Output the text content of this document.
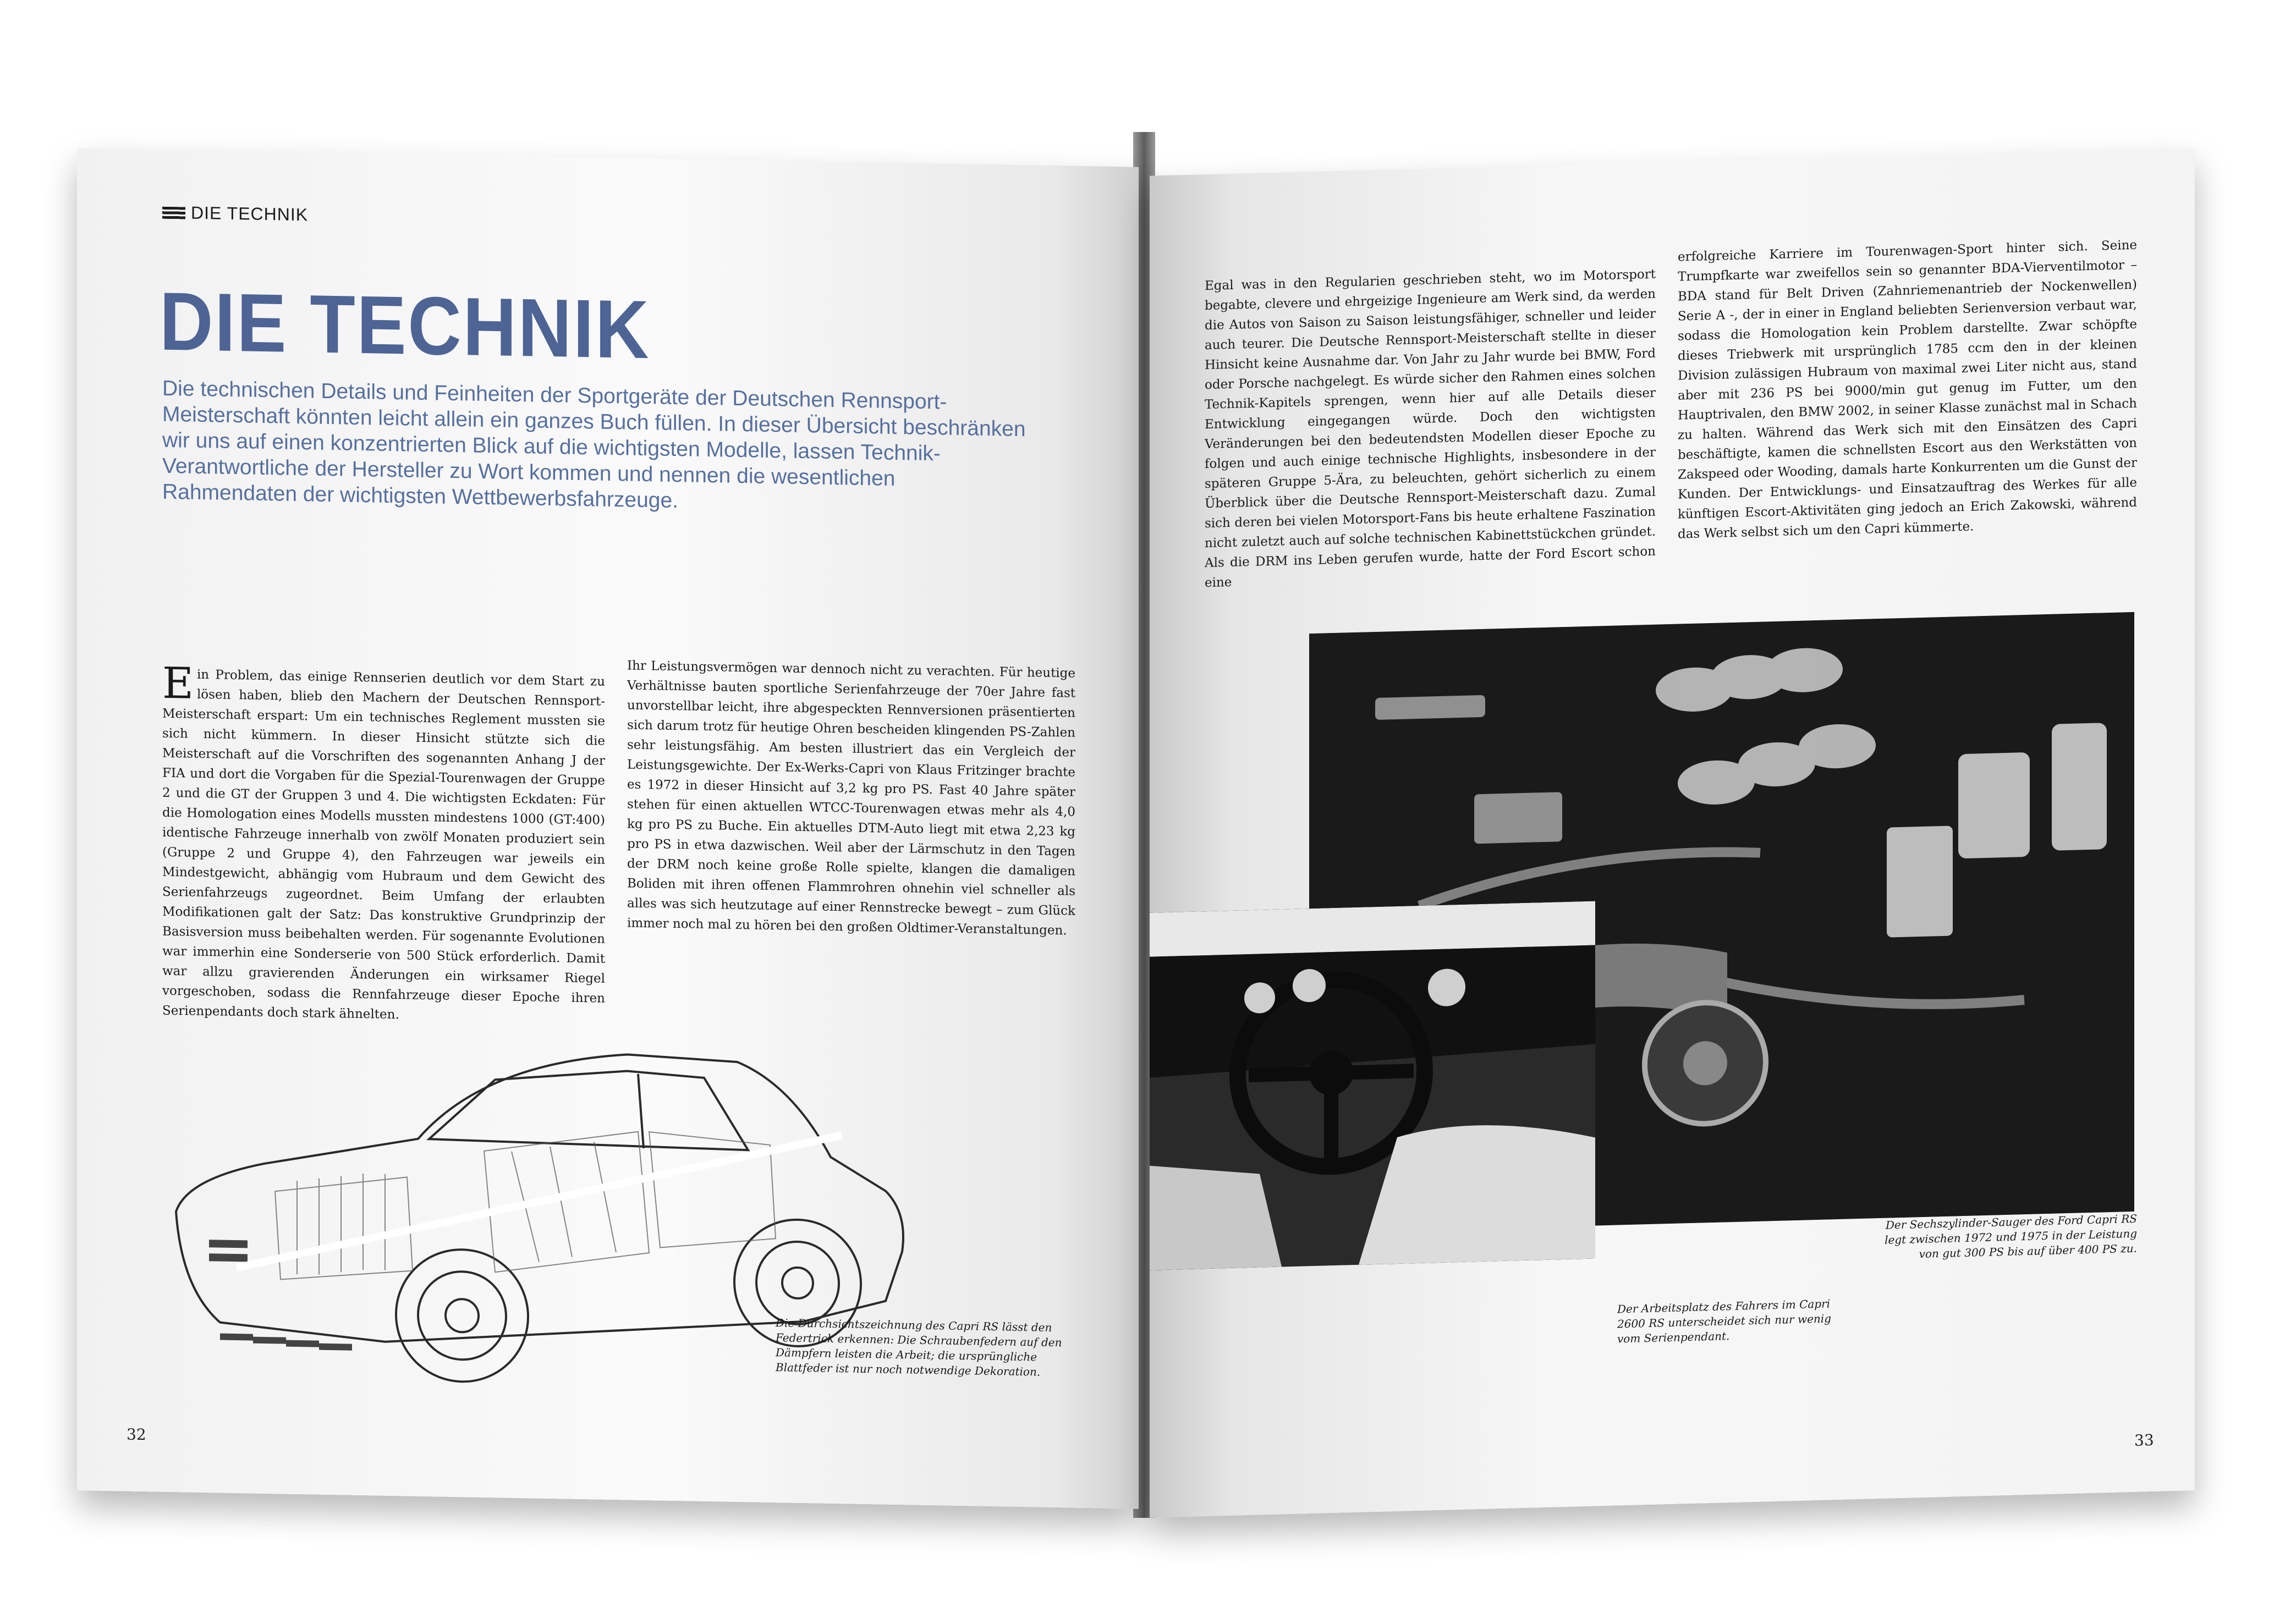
DIE TECHNIK
DIE TECHNIK
Die technischen Details und Feinheiten der Sportgeräte der Deutschen Rennsport-Meisterschaft könnten leicht allein ein ganzes Buch füllen. In dieser Übersicht beschränken wir uns auf einen konzentrierten Blick auf die wichtigsten Modelle, lassen Technik-Verantwortliche der Hersteller zu Wort kommen und nennen die wesentlichen Rahmendaten der wichtigsten Wettbewerbsfahrzeuge.
Ein Problem, das einige Rennserien deutlich vor dem Start zu lösen haben, blieb den Machern der Deutschen Rennsport-Meisterschaft erspart: Um ein technisches Reglement mussten sie sich nicht kümmern. In dieser Hinsicht stützte sich die Meisterschaft auf die Vorschriften des sogenannten Anhang J der FIA und dort die Vorgaben für die Spezial-Tourenwagen der Gruppe 2 und die GT der Gruppen 3 und 4. Die wichtigsten Eckdaten: Für die Homologation eines Modells mussten mindestens 1000 (GT:400) identische Fahrzeuge innerhalb von zwölf Monaten produziert sein (Gruppe 2 und Gruppe 4), den Fahrzeugen war jeweils ein Mindestgewicht, abhängig vom Hubraum und dem Gewicht des Serienfahrzeugs zugeordnet. Beim Umfang der erlaubten Modifikationen galt der Satz: Das konstruktive Grundprinzip der Basisversion muss beibehalten werden. Für sogenannte Evolutionen war immerhin eine Sonderserie von 500 Stück erforderlich. Damit war allzu gravierenden Änderungen ein wirksamer Riegel vorgeschoben, sodass die Rennfahrzeuge dieser Epoche ihren Serienpendants doch stark ähnelten.
Ihr Leistungsvermögen war dennoch nicht zu verachten. Für heutige Verhältnisse bauten sportliche Serienfahrzeuge der 70er Jahre fast unvorstellbar leicht, ihre abgespeckten Rennversionen präsentierten sich darum trotz für heutige Ohren bescheiden klingenden PS-Zahlen sehr leistungsfähig. Am besten illustriert das ein Vergleich der Leistungsgewichte. Der Ex-Werks-Capri von Klaus Fritzinger brachte es 1972 in dieser Hinsicht auf 3,2 kg pro PS. Fast 40 Jahre später stehen für einen aktuellen WTCC-Tourenwagen etwas mehr als 4,0 kg pro PS zu Buche. Ein aktuelles DTM-Auto liegt mit etwa 2,23 kg pro PS in etwa dazwischen. Weil aber der Lärmschutz in den Tagen der DRM noch keine große Rolle spielte, klangen die damaligen Boliden mit ihren offenen Flammrohren ohnehin viel schneller als alles was sich heutzutage auf einer Rennstrecke bewegt – zum Glück immer noch mal zu hören bei den großen Oldtimer-Veranstaltungen.
Die Durchsichtszeichnung des Capri RS lässt den Federtrick erkennen: Die Schraubenfedern auf den Dämpfern leisten die Arbeit; die ursprüngliche Blattfeder ist nur noch notwendige Dekoration.
32
Egal was in den Regularien geschrieben steht, wo im Motorsport begabte, clevere und ehrgeizige Ingenieure am Werk sind, da werden die Autos von Saison zu Saison leistungsfähiger, schneller und leider auch teurer. Die Deutsche Rennsport-Meisterschaft stellte in dieser Hinsicht keine Ausnahme dar. Von Jahr zu Jahr wurde bei BMW, Ford oder Porsche nachgelegt. Es würde sicher den Rahmen eines solchen Technik-Kapitels sprengen, wenn hier auf alle Details dieser Entwicklung eingegangen würde. Doch den wichtigsten Veränderungen bei den bedeutendsten Modellen dieser Epoche zu folgen und auch einige technische Highlights, insbesondere in der späteren Gruppe 5-Ära, zu beleuchten, gehört sicherlich zu einem Überblick über die Deutsche Rennsport-Meisterschaft dazu. Zumal sich deren bei vielen Motorsport-Fans bis heute erhaltene Faszination nicht zuletzt auch auf solche technischen Kabinettstückchen gründet. Als die DRM ins Leben gerufen wurde, hatte der Ford Escort schon eine
erfolgreiche Karriere im Tourenwagen-Sport hinter sich. Seine Trumpfkarte war zweifellos sein so genannter BDA-Vierventilmotor – BDA stand für Belt Driven (Zahnriemenantrieb der Nockenwellen) Serie A -, der in einer in England beliebten Serienversion verbaut war, sodass die Homologation kein Problem darstellte. Zwar schöpfte dieses Triebwerk mit ursprünglich 1785 ccm den in der kleinen Division zulässigen Hubraum von maximal zwei Liter nicht aus, stand aber mit 236 PS bei 9000/min gut genug im Futter, um den Hauptrivalen, den BMW 2002, in seiner Klasse zunächst mal in Schach zu halten. Während das Werk sich mit den Einsätzen des Capri beschäftigte, kamen die schnellsten Escort aus den Werkstätten von Zakspeed oder Wooding, damals harte Konkurrenten um die Gunst der Kunden. Der Entwicklungs- und Einsatzauftrag des Werkes für alle künftigen Escort-Aktivitäten ging jedoch an Erich Zakowski, während das Werk selbst sich um den Capri kümmerte.
Der Sechszylinder-Sauger des Ford Capri RS legt zwischen 1972 und 1975 in der Leistung von gut 300 PS bis auf über 400 PS zu.
Der Arbeitsplatz des Fahrers im Capri 2600 RS unterscheidet sich nur wenig vom Serienpendant.
33
